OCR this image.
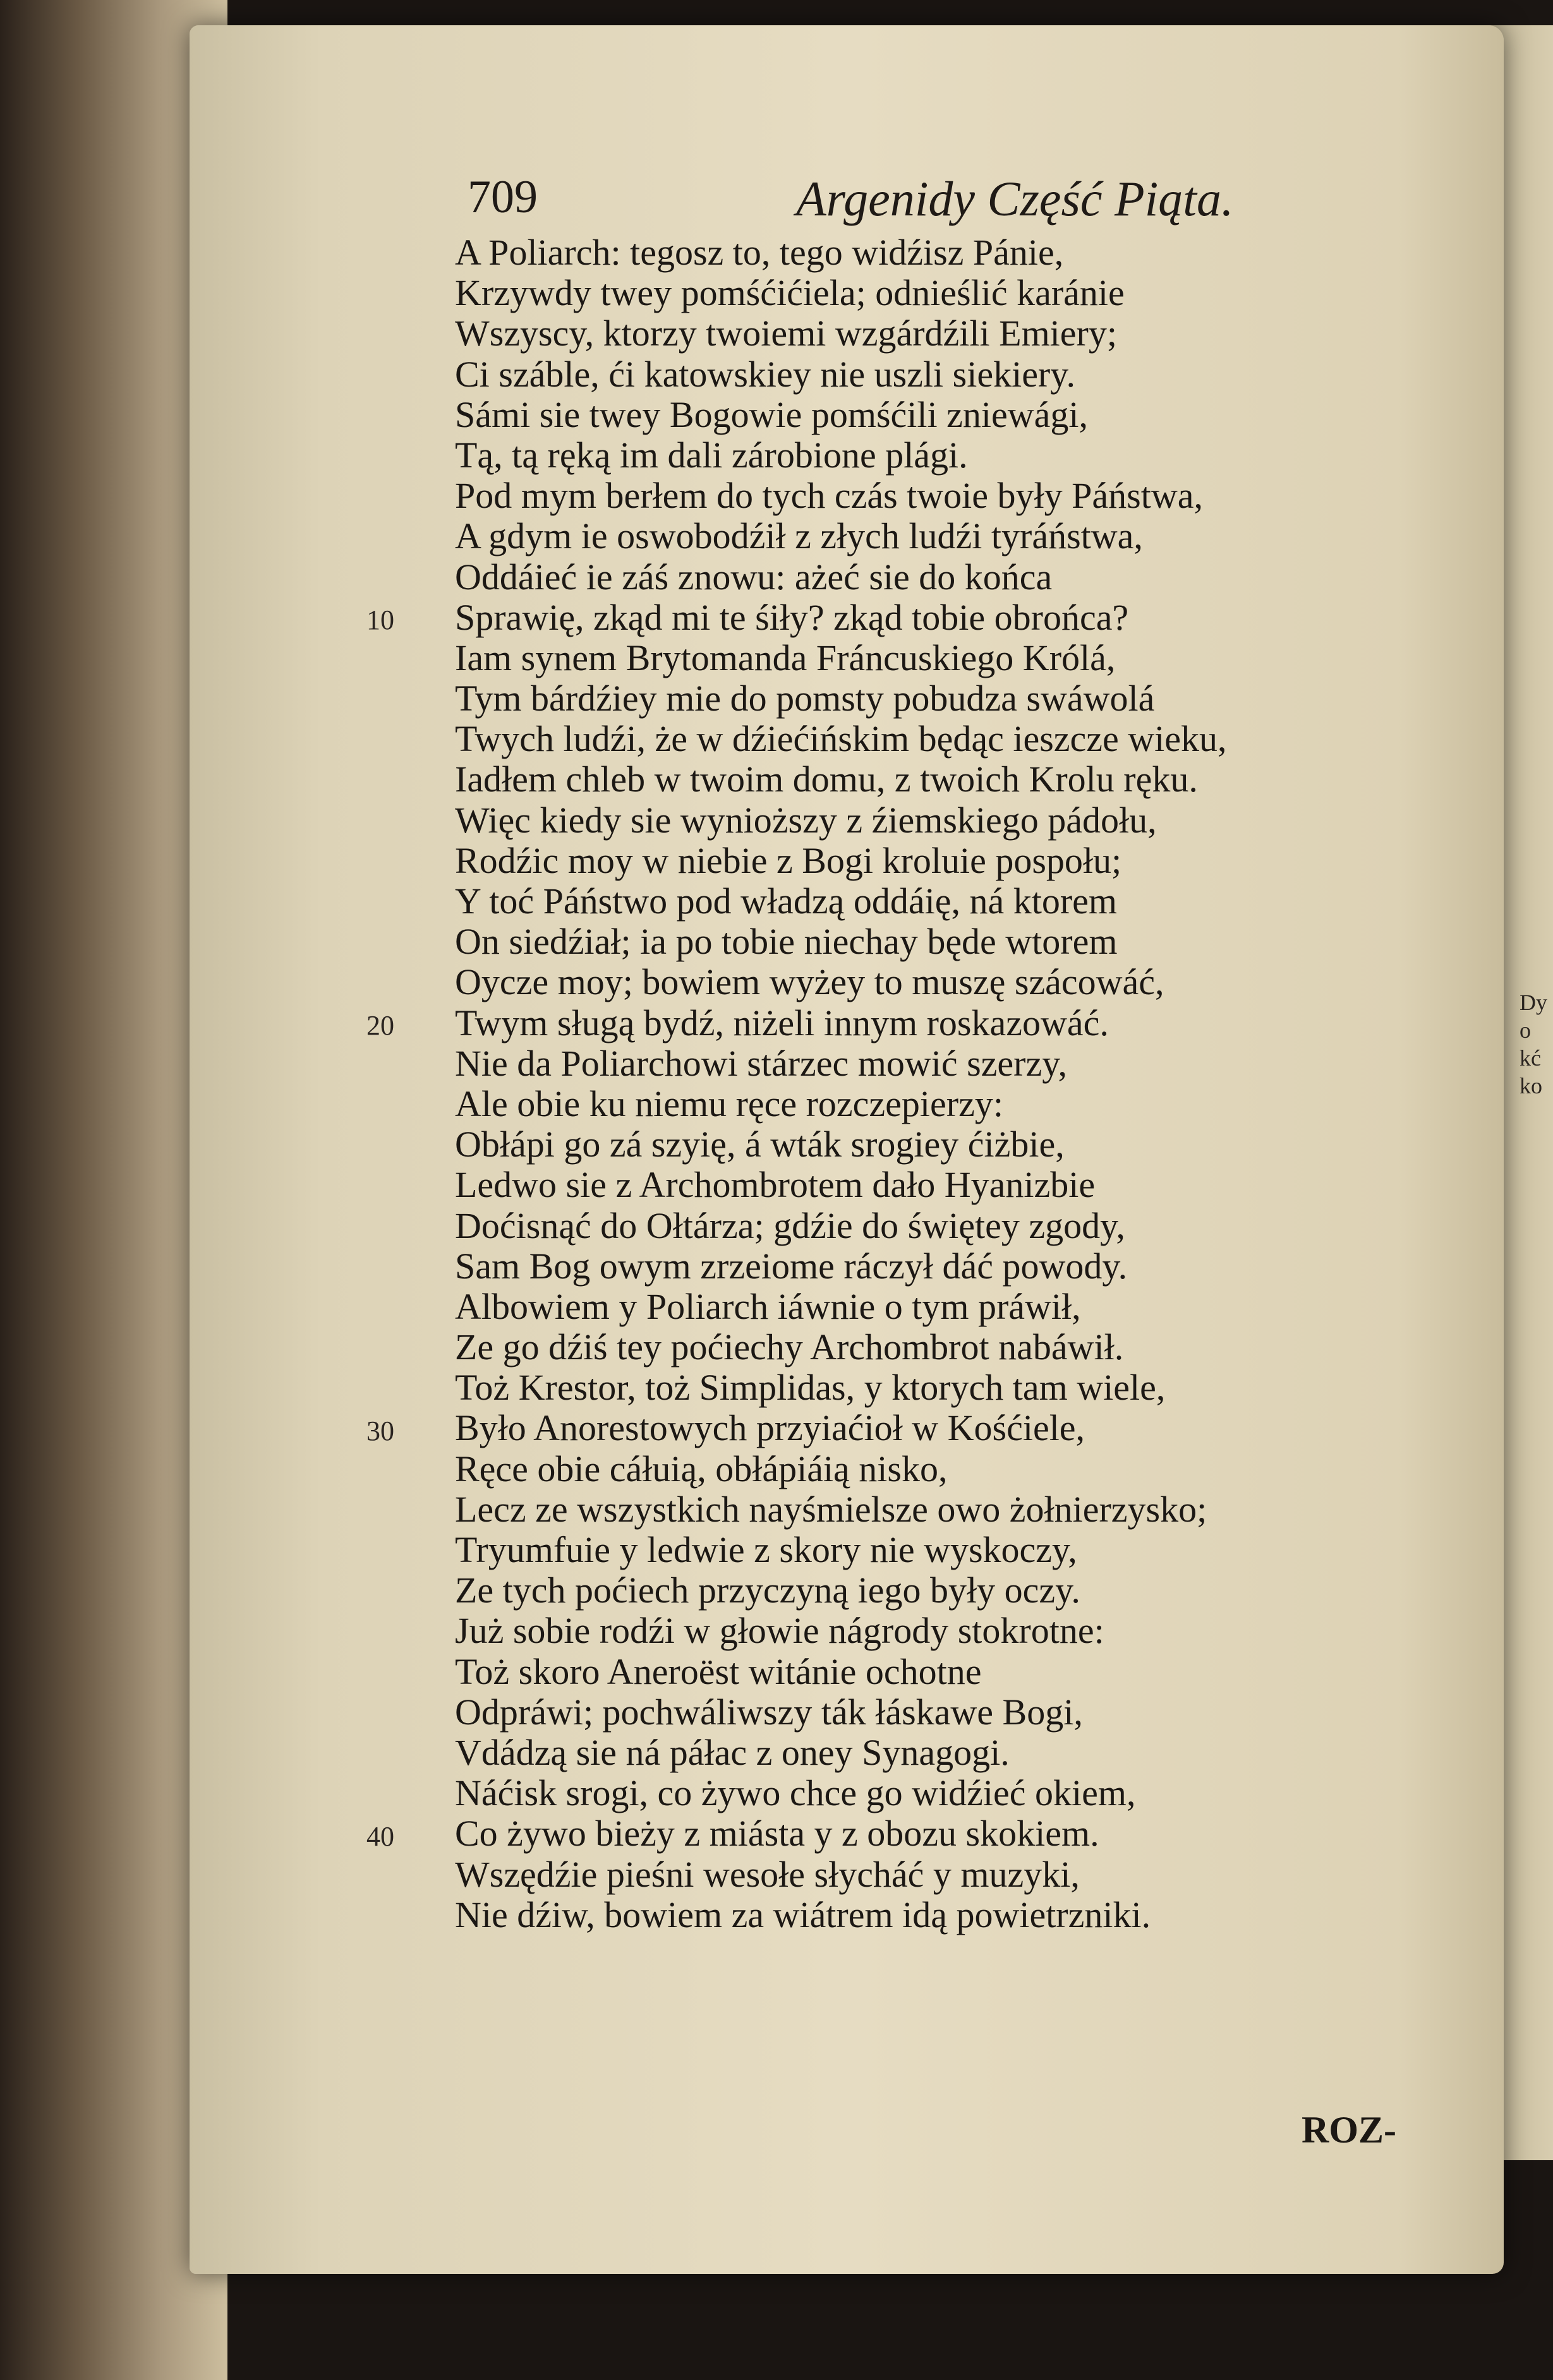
Dy
o
kć
ko
709	Argenidy Część Piąta.
A Poliarch: tegosz to, tego widźisz Pánie,
Krzywdy twey pomśćićiela; odnieślić karánie
Wszyscy, ktorzy twoiemi wzgárdźili Emiery;
Ci száble, ći katowskiey nie uszli siekiery.
Sámi sie twey Bogowie pomśćili zniewági,
Tą, tą ręką im dali zárobione plági.
Pod mym berłem do tych czás twoie były Páństwa,
A gdym ie oswobodźił z złych ludźi tyráństwa,
Oddáieć ie záś znowu: ażeć sie do końca
Sprawię, zkąd mi te śiły? zkąd tobie obrońca?
Iam synem Brytomanda Fráncuskiego Królá,
Tym bárdźiey mie do pomsty pobudza swáwolá
Twych ludźi, że w dźiećińskim będąc ieszcze wieku,
Iadłem chleb w twoim domu, z twoich Krolu ręku.
Więc kiedy sie wynioższy z źiemskiego pádołu,
Rodźic moy w niebie z Bogi kroluie pospołu;
Y toć Páństwo pod władzą oddáię, ná ktorem
On siedźiał; ia po tobie niechay będe wtorem
Oycze moy; bowiem wyżey to muszę szácowáć,
Twym sługą bydź, niżeli innym roskazowáć.
Nie da Poliarchowi stárzec mowić szerzy,
Ale obie ku niemu ręce rozczepierzy:
Obłápi go zá szyię, á wták srogiey ćiżbie,
Ledwo sie z Archombrotem dało Hyanizbie
Doćisnąć do Ołtárza; gdźie do świętey zgody,
Sam Bog owym zrzeiome ráczył dáć powody.
Albowiem y Poliarch iáwnie o tym práwił,
Ze go dźiś tey poćiechy Archombrot nabáwił.
Toż Krestor, toż Simplidas, y ktorych tam wiele,
Było Anorestowych przyiaćioł w Kośćiele,
Ręce obie cáłuią, obłápiáią nisko,
Lecz ze wszystkich nayśmielsze owo żołnierzysko;
Tryumfuie y ledwie z skory nie wyskoczy,
Ze tych poćiech przyczyną iego były oczy.
Już sobie rodźi w głowie nágrody stokrotne:
Toż skoro Aneroëst witánie ochotne
Odpráwi; pochwáliwszy ták łáskawe Bogi,
Vdádzą sie ná páłac z oney Synagogi.
Náćisk srogi, co żywo chce go widźieć okiem,
Co żywo bieży z miásta y z obozu skokiem.
Wszędźie pieśni wesołe słycháć y muzyki,
Nie dźiw, bowiem za wiátrem idą powietrzniki.
10
20
30
40
ROZ-
